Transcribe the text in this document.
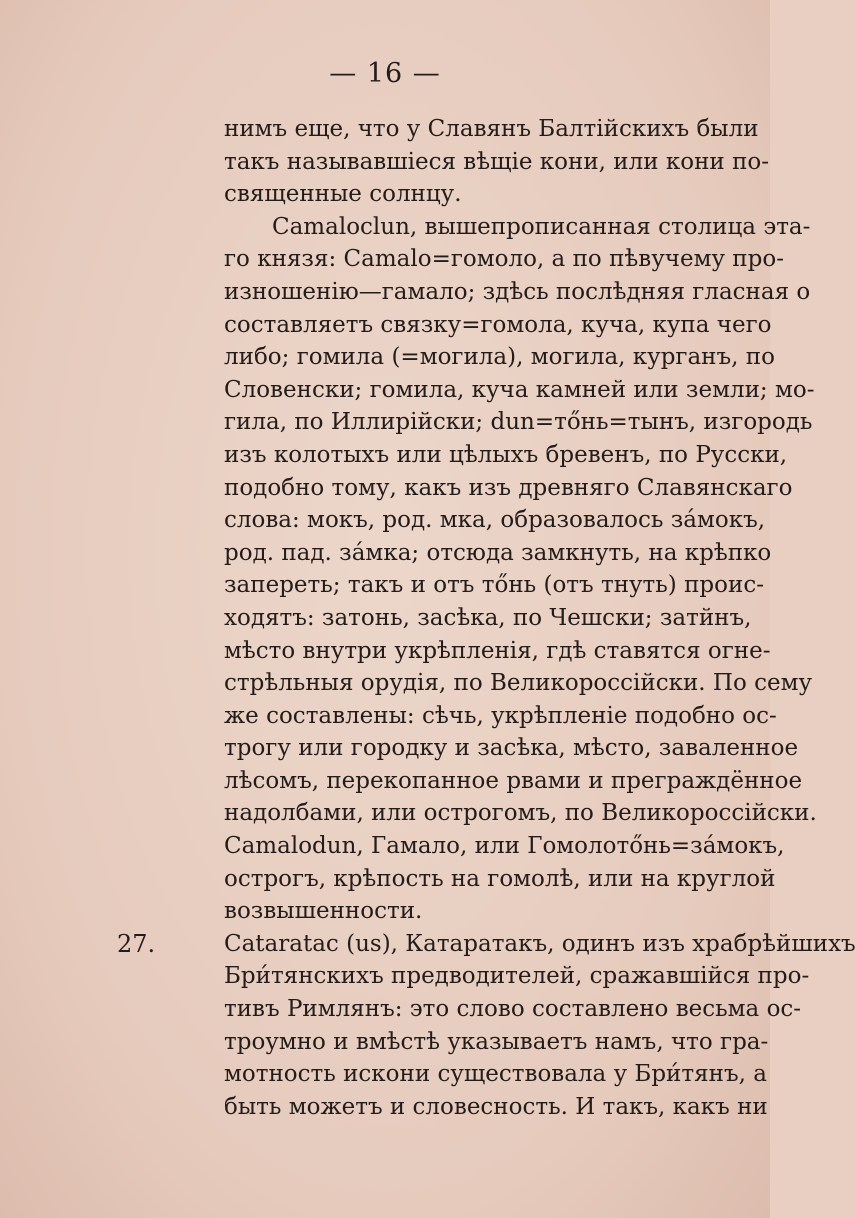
— 16 —
нимъ еще, что у Славянъ Балтійскихъ были
такъ называвшіеся вѣщіе кони, или кони по-
священные солнцу.
Camaloclun, вышепрописанная столица эта-
го князя: Camalo=гомоло, а по пѣвучему про-
изношенію—гамало; здѣсь послѣдняя гласная о
составляетъ связку=гомола, куча, купа чего
либо; гомила (=могила), могила, курганъ, по
Словенски; гомила, куча камней или земли; мо-
гила, по Иллирійски; dun=тőнь=тынъ, изгородь
изъ колотыхъ или цѣлыхъ бревенъ, по Русски,
подобно тому, какъ изъ древняго Славянскаго
слова: мокъ, род. мка, образовалось зáмокъ,
род. пад. зáмка; отсюда замкнуть, на крѣпко
запереть; такъ и отъ тőнь (отъ тнуть) проис-
ходятъ: затонь, засѣка, по Чешски; затйнъ,
мѣсто внутри укрѣпленія, гдѣ ставятся огне-
стрѣльныя орудія, по Великороссійски. По сему
же составлены: сѣчь, укрѣпленіе подобно ос-
трогу или городку и засѣка, мѣсто, заваленное
лѣсомъ, перекопанное рвами и преграждённое
надолбами, или острогомъ, по Великороссійски.
Camalodun, Гамало, или Гомолотőнь=зáмокъ,
острогъ, крѣпость на гомолѣ, или на круглой
возвышенности.
27.	Cataratac (us), Катаратакъ, одинъ изъ храбрѣйшихъ
Бри́тянскихъ предводителей, сражавшійся про-
тивъ Римлянъ: это слово составлено весьма ос-
троумно и вмѣстѣ указываетъ намъ, что гра-
мотность искони существовала у Бри́тянъ, а
быть можетъ и словесность. И такъ, какъ ни
